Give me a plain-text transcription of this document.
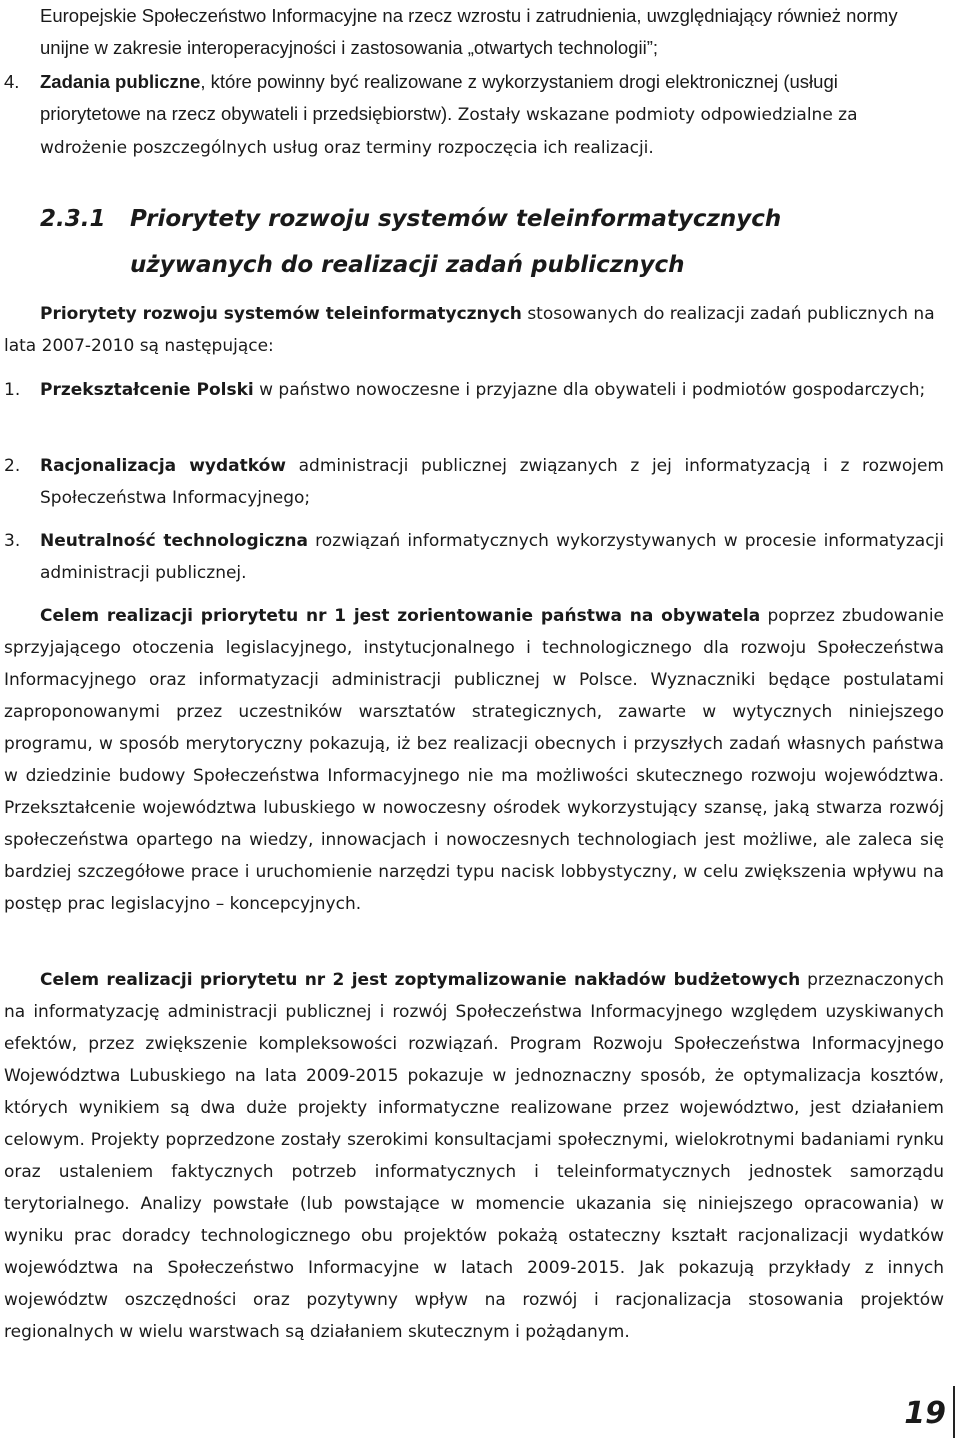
Europejskie Społeczeństwo Informacyjne na rzecz wzrostu i zatrudnienia, uwzględniający również normy unijne w zakresie interoperacyjności i zastosowania „otwartych technologii”;
4. Zadania publiczne, które powinny być realizowane z wykorzystaniem drogi elektronicznej (usługi priorytetowe na rzecz obywateli i przedsiębiorstw). Zostały wskazane podmioty odpowiedzialne za wdrożenie poszczególnych usług oraz terminy rozpoczęcia ich realizacji.
2.3.1 Priorytety rozwoju systemów teleinformatycznych używanych do realizacji zadań publicznych
Priorytety rozwoju systemów teleinformatycznych stosowanych do realizacji zadań publicznych na lata 2007-2010 są następujące:
1. Przekształcenie Polski w państwo nowoczesne i przyjazne dla obywateli i podmiotów gospodarczych;
2. Racjonalizacja wydatków administracji publicznej związanych z jej informatyzacją i z rozwojem Społeczeństwa Informacyjnego;
3. Neutralność technologiczna rozwiązań informatycznych wykorzystywanych w procesie informatyzacji administracji publicznej.
Celem realizacji priorytetu nr 1 jest zorientowanie państwa na obywatela poprzez zbudowanie sprzyjającego otoczenia legislacyjnego, instytucjonalnego i technologicznego dla rozwoju Społeczeństwa Informacyjnego oraz informatyzacji administracji publicznej w Polsce. Wyznaczniki będące postulatami zaproponowanymi przez uczestników warsztatów strategicznych, zawarte w wytycznych niniejszego programu, w sposób merytoryczny pokazują, iż bez realizacji obecnych i przyszłych zadań własnych państwa w dziedzinie budowy Społeczeństwa Informacyjnego nie ma możliwości skutecznego rozwoju województwa. Przekształcenie województwa lubuskiego w nowoczesny ośrodek wykorzystujący szansę, jaką stwarza rozwój społeczeństwa opartego na wiedzy, innowacjach i nowoczesnych technologiach jest możliwe, ale zaleca się bardziej szczegółowe prace i uruchomienie narzędzi typu nacisk lobbystyczny, w celu zwiększenia wpływu na postęp prac legislacyjno – koncepcyjnych.
Celem realizacji priorytetu nr 2 jest zoptymalizowanie nakładów budżetowych przeznaczonych na informatyzację administracji publicznej i rozwój Społeczeństwa Informacyjnego względem uzyskiwanych efektów, przez zwiększenie kompleksowości rozwiązań. Program Rozwoju Społeczeństwa Informacyjnego Województwa Lubuskiego na lata 2009-2015 pokazuje w jednoznaczny sposób, że optymalizacja kosztów, których wynikiem są dwa duże projekty informatyczne realizowane przez województwo, jest działaniem celowym. Projekty poprzedzone zostały szerokimi konsultacjami społecznymi, wielokrotnymi badaniami rynku oraz ustaleniem faktycznych potrzeb informatycznych i teleinformatycznych jednostek samorządu terytorialnego. Analizy powstałe (lub powstające w momencie ukazania się niniejszego opracowania) w wyniku prac doradcy technologicznego obu projektów pokażą ostateczny kształt racjonalizacji wydatków województwa na Społeczeństwo Informacyjne w latach 2009-2015. Jak pokazują przykłady z innych województw oszczędności oraz pozytywny wpływ na rozwój i racjonalizacja stosowania projektów regionalnych w wielu warstwach są działaniem skutecznym i pożądanym.
19
